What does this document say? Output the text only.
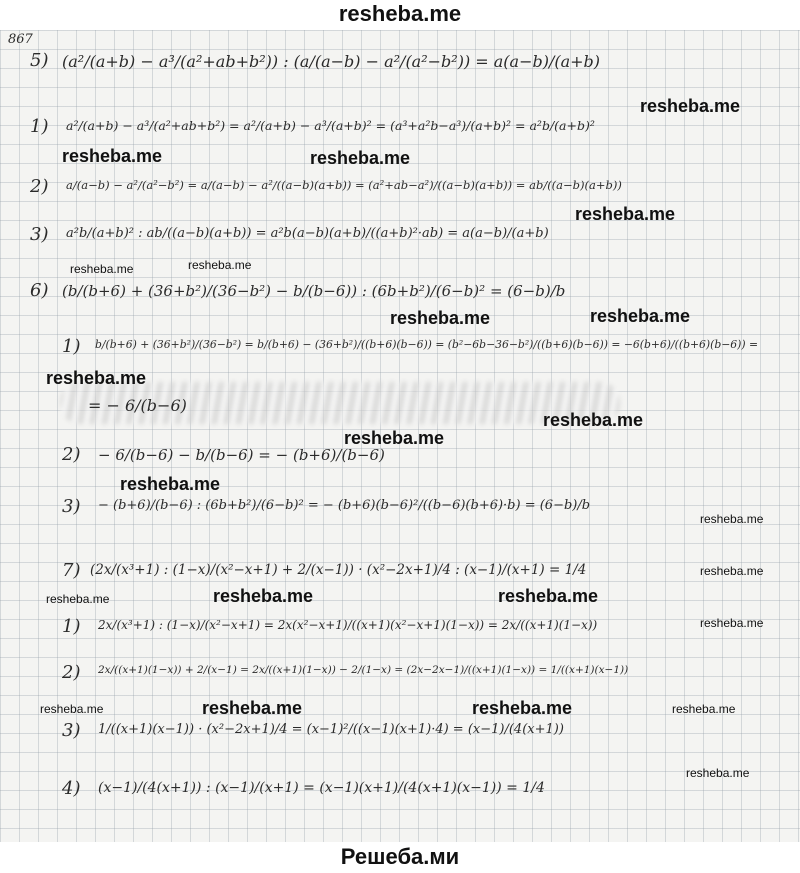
resheba.me
867
5) (a²/(a+b) − a³/(a²+ab+b²)) : (a/(a−b) − a²/(a²−b²)) = a(a−b)/(a+b)
1) a²/(a+b) − a³/(a²+ab+b²) = a²/(a+b) − a³/(a+b)² = (a³+a²b−a³)/(a+b)² = a²b/(a+b)²
2) a/(a−b) − a²/(a²−b²) = a/(a−b) − a²/((a−b)(a+b)) = (a²+ab−a²)/((a−b)(a+b)) = ab/((a−b)(a+b))
3) a²b/(a+b)² : ab/((a−b)(a+b)) = a²b(a−b)(a+b)/((a+b)²·ab) = a(a−b)/(a+b)
6) (b/(b+6) + (36+b²)/(36−b²) − b/(b−6)) : (6b+b²)/(6−b)² = (6−b)/b
1) b/(b+6) + (36+b²)/(36−b²) = b/(b+6) − (36+b²)/((b+6)(b−6)) = (b²−6b−36−b²)/((b+6)(b−6)) = −6(b+6)/((b+6)(b−6)) =
= − 6/(b−6)
2) − 6/(b−6) − b/(b−6) = − (b+6)/(b−6)
3) − (b+6)/(b−6) : (6b+b²)/(6−b)² = − (b+6)(b−6)²/((b−6)(b+6)·b) = (6−b)/b
7) (2x/(x³+1) : (1−x)/(x²−x+1) + 2/(x−1)) · (x²−2x+1)/4 : (x−1)/(x+1) = 1/4
1) 2x/(x³+1) : (1−x)/(x²−x+1) = 2x(x²−x+1)/((x+1)(x²−x+1)(1−x)) = 2x/((x+1)(1−x))
2) 2x/((x+1)(1−x)) + 2/(x−1) = 2x/((x+1)(1−x)) − 2/(1−x) = (2x−2x−1)/((x+1)(1−x)) = 1/((x+1)(x−1))
3) 1/((x+1)(x−1)) · (x²−2x+1)/4 = (x−1)²/((x−1)(x+1)·4) = (x−1)/(4(x+1))
4) (x−1)/(4(x+1)) : (x−1)/(x+1) = (x−1)(x+1)/(4(x+1)(x−1)) = 1/4
resheba.me
resheba.me	resheba.me
resheba.me
resheba.me	resheba.me
resheba.me	resheba.me
resheba.me
resheba.me
resheba.me
resheba.me
resheba.me
resheba.me
resheba.me	resheba.me	resheba.me
resheba.me
resheba.me	resheba.me	resheba.me	resheba.me
resheba.me
Решеба.ми
